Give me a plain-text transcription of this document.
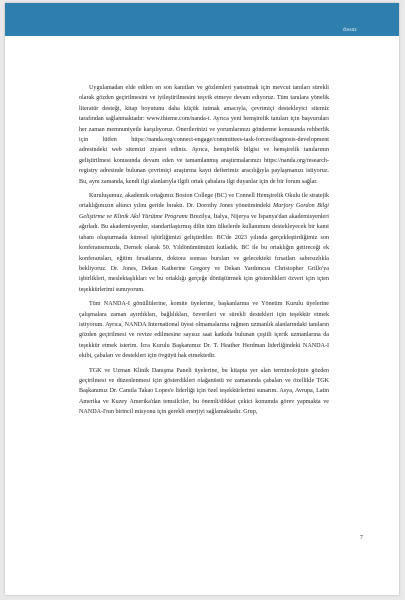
Önsöz

Uygulamadan elde edilen en son kanıtları ve gözlemleri yansıtmak için mevcut tanıları sürekli olarak gözden geçirilmesini ve iyileştirilmesini teşvik etmeye devam ediyoruz. Tüm tanılara yönelik literatür desteği, kitap boyutunu daha küçük tutmak amacıyla, çevrimiçi destekleyici sitemiz tarafından sağlanmaktadır: www.thieme.com/nanda-i. Ayrıca yeni hemşirelik tanıları için başvuruları her zaman memnuniyetle karşılıyoruz. Önerilerinizi ve yorumlarınızı gönderme konusunda rehberlik için lütfen https://nanda.org/connect-engage/committees-task-forces/diagnosis-development adresindeki web sitemizi ziyaret ediniz. Ayrıca, hemşirelik bilgisi ve hemşirelik tanılarının geliştirilmesi konusunda devam eden ve tamamlanmış araştırmalarınızı https://nanda.org/research-registry adresinde bulunan çevrimiçi araştırma kayıt defterimiz aracılığıyla paylaşmanızı istiyoruz. Bu, aynı zamanda, kendi ilgi alanlarıyla ilgili ortak çabalara ilgi duyanlar için de bir forum sağlar.

Kuruluşumuz, akademik ortağımız Boston College (BC) ve Connell Hemşirelik Okulu ile stratejik ortaklığımızın altıncı yılını geride bıraktı. Dr. Dorothy Jones yönetimindeki Marjory Gordon Bilgi Geliştirme ve Klinik Akıl Yürütme Programı Brezilya, İtalya, Nijerya ve İspanya'dan akademisyenleri ağırladı. Bu akademisyenler, standartlaştırmış dilin tüm ülkelerde kullanımını destekleyecek bir kanıt tabanı oluşturmada küresel işbirliğimizi geliştirdiler. BC'de 2023 yılında gerçekleştirdiğimiz son konferansımızda, Dernek olarak 50. Yıldönümümüzü kutladık. BC ile bu ortaklığın getireceği ek konferansları, eğitim fırsatlarını, doktora sonrası bursları ve gelecekteki fırsatları sabırsızlıkla bekliyoruz. Dr. Jones, Dekan Katherine Gregory ve Dekan Yardımcısı Christopher Grillo'ya işbirlikleri, meslektaşlıkları ve bu ortaklığı gerçeğe dönüştürmek için gösterdikleri özveri için içten teşekkürlerimi sunuyorum.

Tüm NANDA-I gönüllülerine, komite üyelerine, başkanlarına ve Yönetim Kurulu üyelerine çalışmalara zaman ayırdıkları, bağlılıkları, özverileri ve sürekli destekleri için teşekkür etmek istiyorum. Ayrıca, NANDA International üyesi olmamalarına rağmen uzmanlık alanlarındaki tanıların gözden geçirilmesi ve revize edilmesine sayısız saat katkıda bulunan çeşitli içerik uzmanlarına da teşekkür etmek isterim. İcra Kurulu Başkanımız Dr. T. Heather Herdman liderliğindeki NANDA-I ekibi, çabaları ve destekleri için övgüyü hak etmektedir.

TGK ve Uzman Klinik Danışma Paneli üyelerine, bu kitapta yer alan terminolojinin gözden geçirilmesi ve düzenlenmesi için gösterdikleri olağanüstü ve zamanında çabaları ve özellikle TGK Başkanımız Dr. Camila Takao Lopes'e liderliği için özel teşekkürlerimi sunarım. Asya, Avrupa, Latin Amerika ve Kuzey Amerika'dan temsilciler, bu önemli/dikkat çekici konumda görev yapmakta ve NANDA-I'nın birincil misyonu için gerekli enerjiyi sağlamaktadır. Grup,

7
